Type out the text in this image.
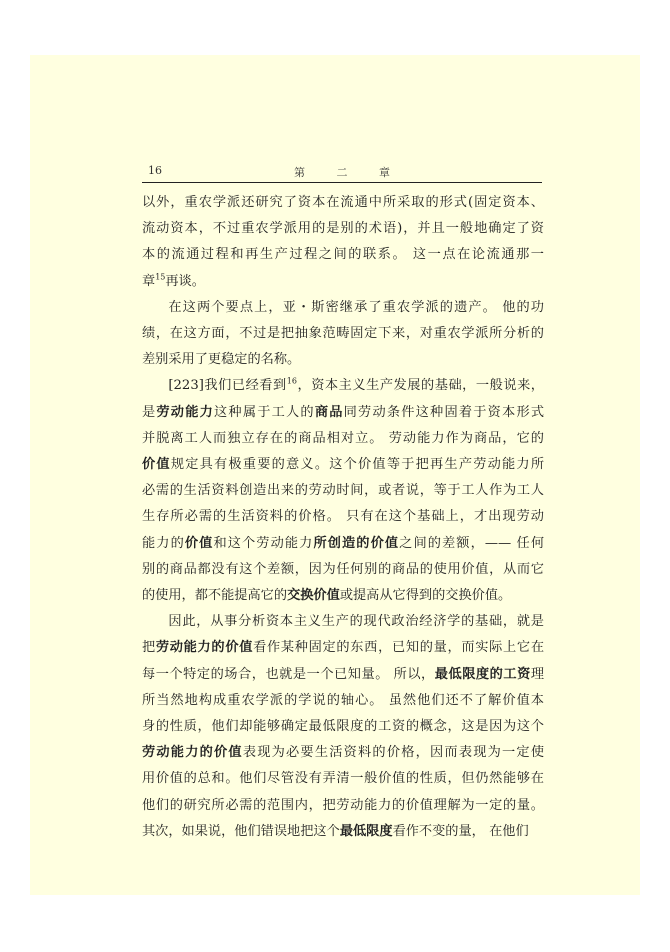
16	第 二 章

以外，重农学派还研究了资本在流通中所采取的形式(固定资本、
流动资本，不过重农学派用的是别的术语)，并且一般地确定了资
本的流通过程和再生产过程之间的联系。 这一点在论流通那一
章$^{15}$再谈。

在这两个要点上，亚・斯密继承了重农学派的遗产。 他的功
绩，在这方面，不过是把抽象范畴固定下来，对重农学派所分析的
差别采用了更稳定的名称。

[223]我们已经看到$^{16}$，资本主义生产发展的基础，一般说来，
是劳动能力这种属于工人的商品同劳动条件这种固着于资本形式
并脱离工人而独立存在的商品相对立。 劳动能力作为商品，它的
价值规定具有极重要的意义。这个价值等于把再生产劳动能力所
必需的生活资料创造出来的劳动时间，或者说，等于工人作为工人
生存所必需的生活资料的价格。 只有在这个基础上，才出现劳动
能力的价值和这个劳动能力所创造的价值之间的差额，—— 任何
别的商品都没有这个差额，因为任何别的商品的使用价值，从而它
的使用，都不能提高它的交换价值或提高从它得到的交换价值。

因此，从事分析资本主义生产的现代政治经济学的基础，就是
把劳动能力的价值看作某种固定的东西，已知的量，而实际上它在
每一个特定的场合，也就是一个已知量。 所以，最低限度的工资理
所当然地构成重农学派的学说的轴心。 虽然他们还不了解价值本
身的性质，他们却能够确定最低限度的工资的概念，这是因为这个
劳动能力的价值表现为必要生活资料的价格，因而表现为一定使
用价值的总和。他们尽管没有弄清一般价值的性质，但仍然能够在
他们的研究所必需的范围内，把劳动能力的价值理解为一定的量。
其次，如果说，他们错误地把这个最低限度看作不变的量， 在他们
